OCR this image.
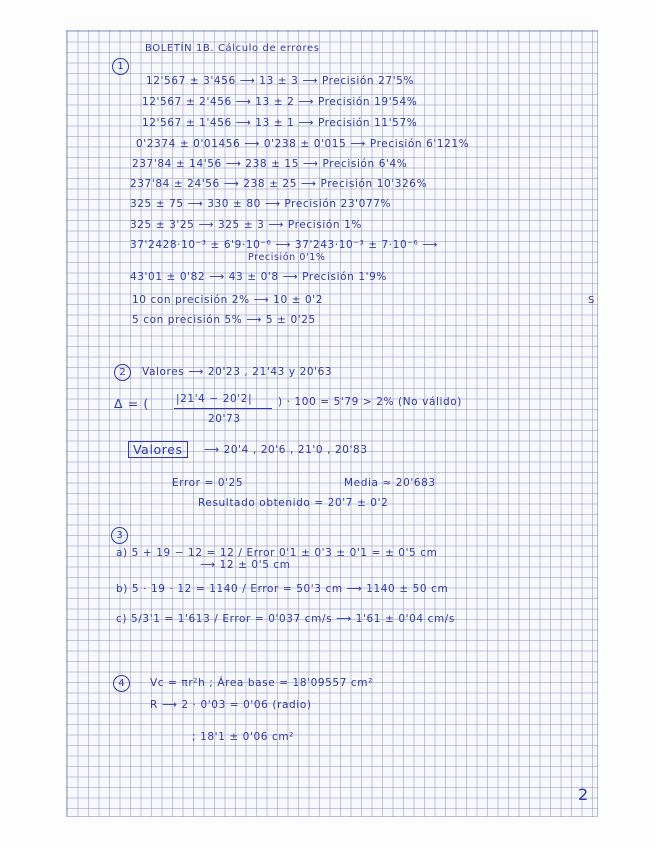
BOLETÍN 1B. Cálculo de errores
1
12'567 ± 3'456 ⟶ 13 ± 3 ⟶ Precisión 27'5%
12'567 ± 2'456 ⟶ 13 ± 2 ⟶ Precisión 19'54%
12'567 ± 1'456 ⟶ 13 ± 1 ⟶ Precisión 11'57%
0'2374 ± 0'01456 ⟶ 0'238 ± 0'015 ⟶ Precisión 6'121%
237'84 ± 14'56 ⟶ 238 ± 15 ⟶ Precisión 6'4%
237'84 ± 24'56 ⟶ 238 ± 25 ⟶ Precisión 10'326%
325 ± 75 ⟶ 330 ± 80 ⟶ Precisión 23'077%
325 ± 3'25 ⟶ 325 ± 3 ⟶ Precisión 1%
37'2428·10⁻³ ± 6'9·10⁻⁶ ⟶ 37'243·10⁻³ ± 7·10⁻⁶ ⟶
Precisión 0'1%
43'01 ± 0'82 ⟶ 43 ± 0'8 ⟶ Precisión 1'9%
10 con precisión 2% ⟶ 10 ± 0'2
5 con precisión 5% ⟶ 5 ± 0'25
S
2 Valores ⟶ 20'23 , 21'43 y 20'63
Δ = (	|21'4 − 20'2|
20'73
) · 100 = 5'79 > 2% (No válido)
Valores	⟶ 20'4 , 20'6 , 21'0 , 20'83
Error = 0'25	Media ≈ 20'683
Resultado obtenido = 20'7 ± 0'2
3
a) 5 + 19 − 12 = 12 / Error 0'1 ± 0'3 ± 0'1 = ± 0'5 cm
⟶ 12 ± 0'5 cm
b) 5 · 19 · 12 = 1140 / Error = 50'3 cm ⟶ 1140 ± 50 cm
c) 5/3'1 = 1'613 / Error = 0'037 cm/s ⟶ 1'61 ± 0'04 cm/s
4 Vc = πr²h ; Área base = 18'09557 cm²
R ⟶ 2 · 0'03 = 0'06 (radio)
; 18'1 ± 0'06 cm²
2
